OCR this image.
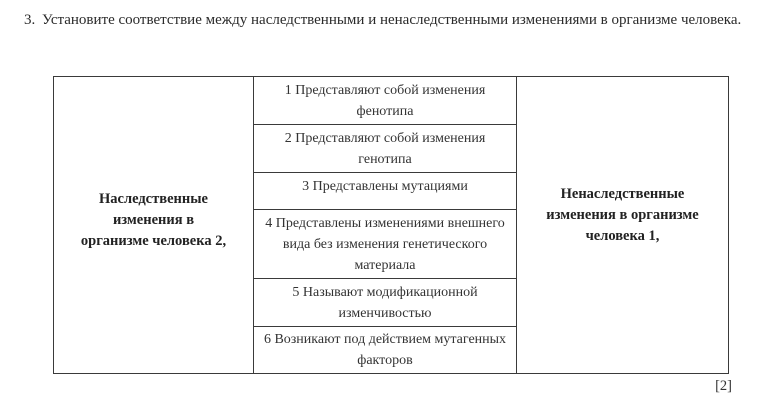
3. Установите соответствие между наследственными и ненаследственными изменениями в организме человека.
Наследственные изменения в организме человека 2,
1 Представляют собой изменения фенотипа
2 Представляют собой изменения генотипа
3 Представлены мутациями
4 Представлены изменениями внешнего вида без изменения генетического материала
5 Называют модификационной изменчивостью
6 Возникают под действием мутагенных факторов
Ненаследственные изменения в организме человека 1,
[2]
